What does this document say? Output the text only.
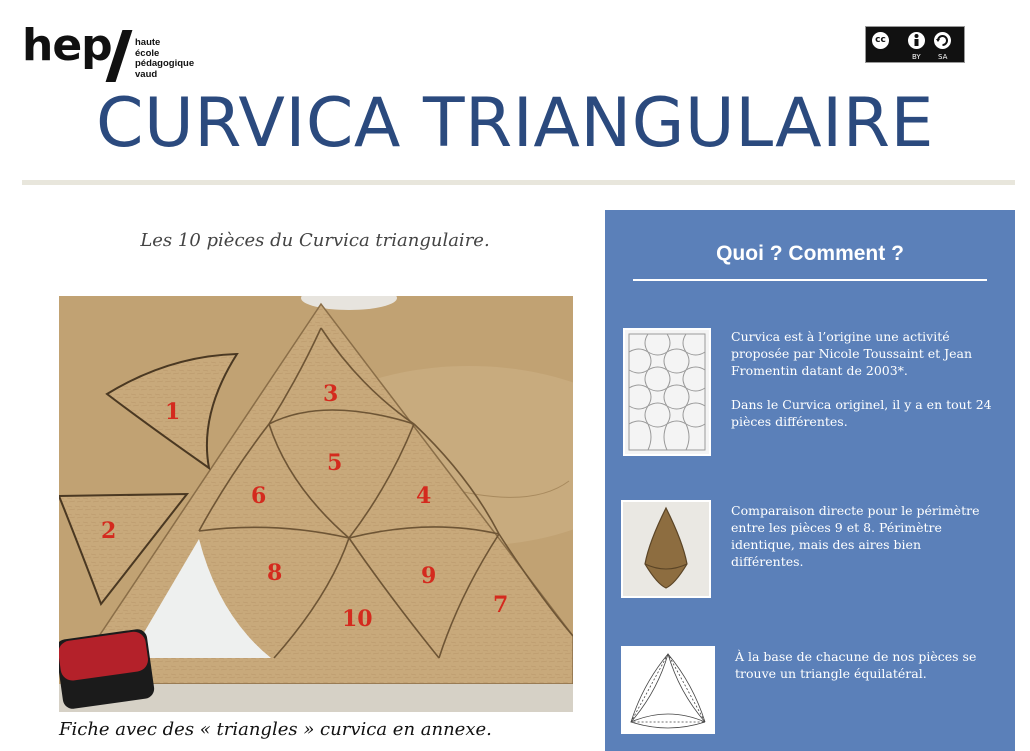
hep haute
école
pédagogique
vaud
cc
BY SA
CURVICA TRIANGULAIRE
Les 10 pièces du Curvica triangulaire.
1
2
3
4
5
6
7
8	9
10
Fiche avec des « triangles » curvica en annexe.
Quoi ? Comment ?

Curvica est à l’origine une activité proposée par Nicole Toussaint et Jean Fromentin datant de 2003*.

Dans le Curvica originel, il y a en tout 24 pièces différentes.

Comparaison directe pour le périmètre entre les pièces 9 et 8. Périmètre identique, mais des aires bien différentes.
À la base de chacune de nos pièces se trouve un triangle équilatéral.
